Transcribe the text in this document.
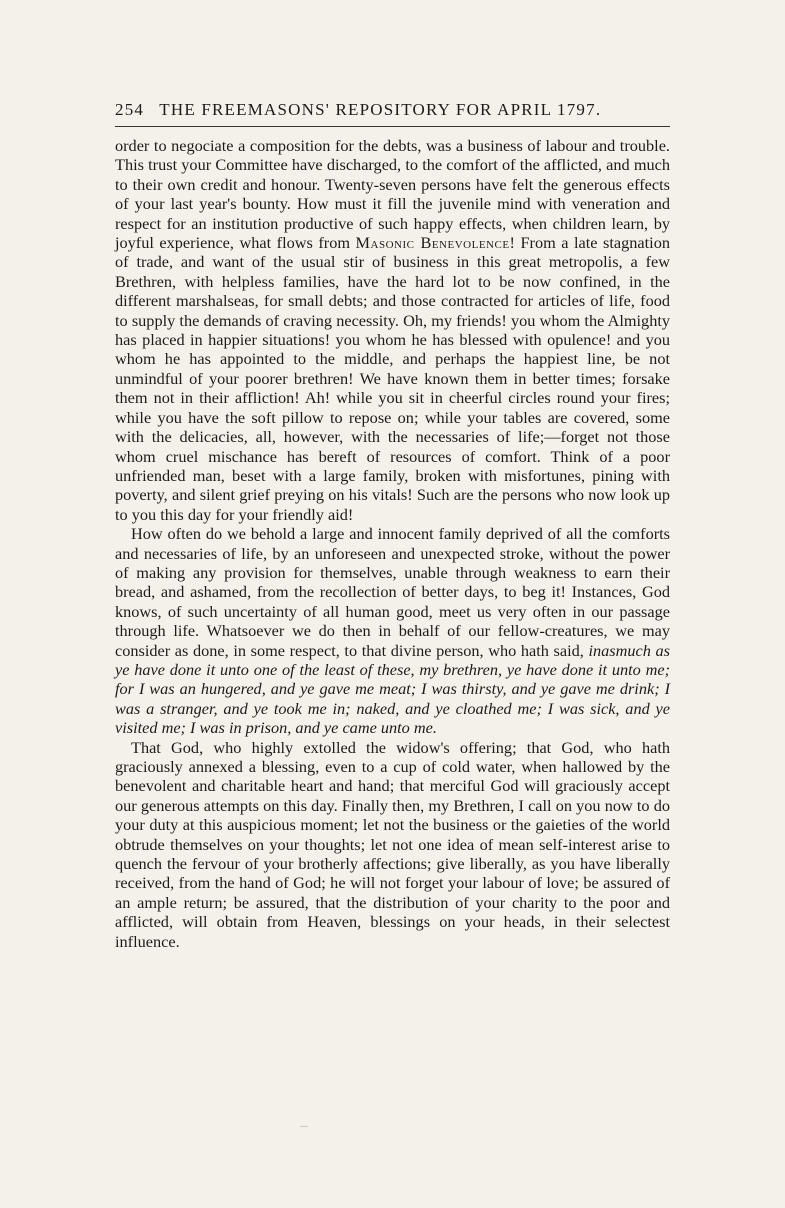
254 THE FREEMASONS' REPOSITORY FOR APRIL 1797.

order to negociate a composition for the debts, was a business of labour and trouble. This trust your Committee have discharged, to the comfort of the afflicted, and much to their own credit and honour. Twenty-seven persons have felt the generous effects of your last year's bounty. How must it fill the juvenile mind with veneration and respect for an institution productive of such happy effects, when children learn, by joyful experience, what flows from Masonic Benevolence! From a late stagnation of trade, and want of the usual stir of business in this great metropolis, a few Brethren, with helpless families, have the hard lot to be now confined, in the different marshalseas, for small debts; and those contracted for articles of life, food to supply the demands of craving necessity. Oh, my friends! you whom the Almighty has placed in happier situations! you whom he has blessed with opulence! and you whom he has appointed to the middle, and perhaps the happiest line, be not unmindful of your poorer brethren! We have known them in better times; forsake them not in their affliction! Ah! while you sit in cheerful circles round your fires; while you have the soft pillow to repose on; while your tables are covered, some with the delicacies, all, however, with the necessaries of life;—forget not those whom cruel mischance has bereft of resources of comfort. Think of a poor unfriended man, beset with a large family, broken with misfortunes, pining with poverty, and silent grief preying on his vitals! Such are the persons who now look up to you this day for your friendly aid!

How often do we behold a large and innocent family deprived of all the comforts and necessaries of life, by an unforeseen and unexpected stroke, without the power of making any provision for themselves, unable through weakness to earn their bread, and ashamed, from the recollection of better days, to beg it! Instances, God knows, of such uncertainty of all human good, meet us very often in our passage through life. Whatsoever we do then in behalf of our fellow-creatures, we may consider as done, in some respect, to that divine person, who hath said, inasmuch as ye have done it unto one of the least of these, my brethren, ye have done it unto me; for I was an hungered, and ye gave me meat; I was thirsty, and ye gave me drink; I was a stranger, and ye took me in; naked, and ye cloathed me; I was sick, and ye visited me; I was in prison, and ye came unto me.

That God, who highly extolled the widow's offering; that God, who hath graciously annexed a blessing, even to a cup of cold water, when hallowed by the benevolent and charitable heart and hand; that merciful God will graciously accept our generous attempts on this day. Finally then, my Brethren, I call on you now to do your duty at this auspicious moment; let not the business or the gaieties of the world obtrude themselves on your thoughts; let not one idea of mean self-interest arise to quench the fervour of your brotherly affections; give liberally, as you have liberally received, from the hand of God; he will not forget your labour of love; be assured of an ample return; be assured, that the distribution of your charity to the poor and afflicted, will obtain from Heaven, blessings on your heads, in their selectest influence.
